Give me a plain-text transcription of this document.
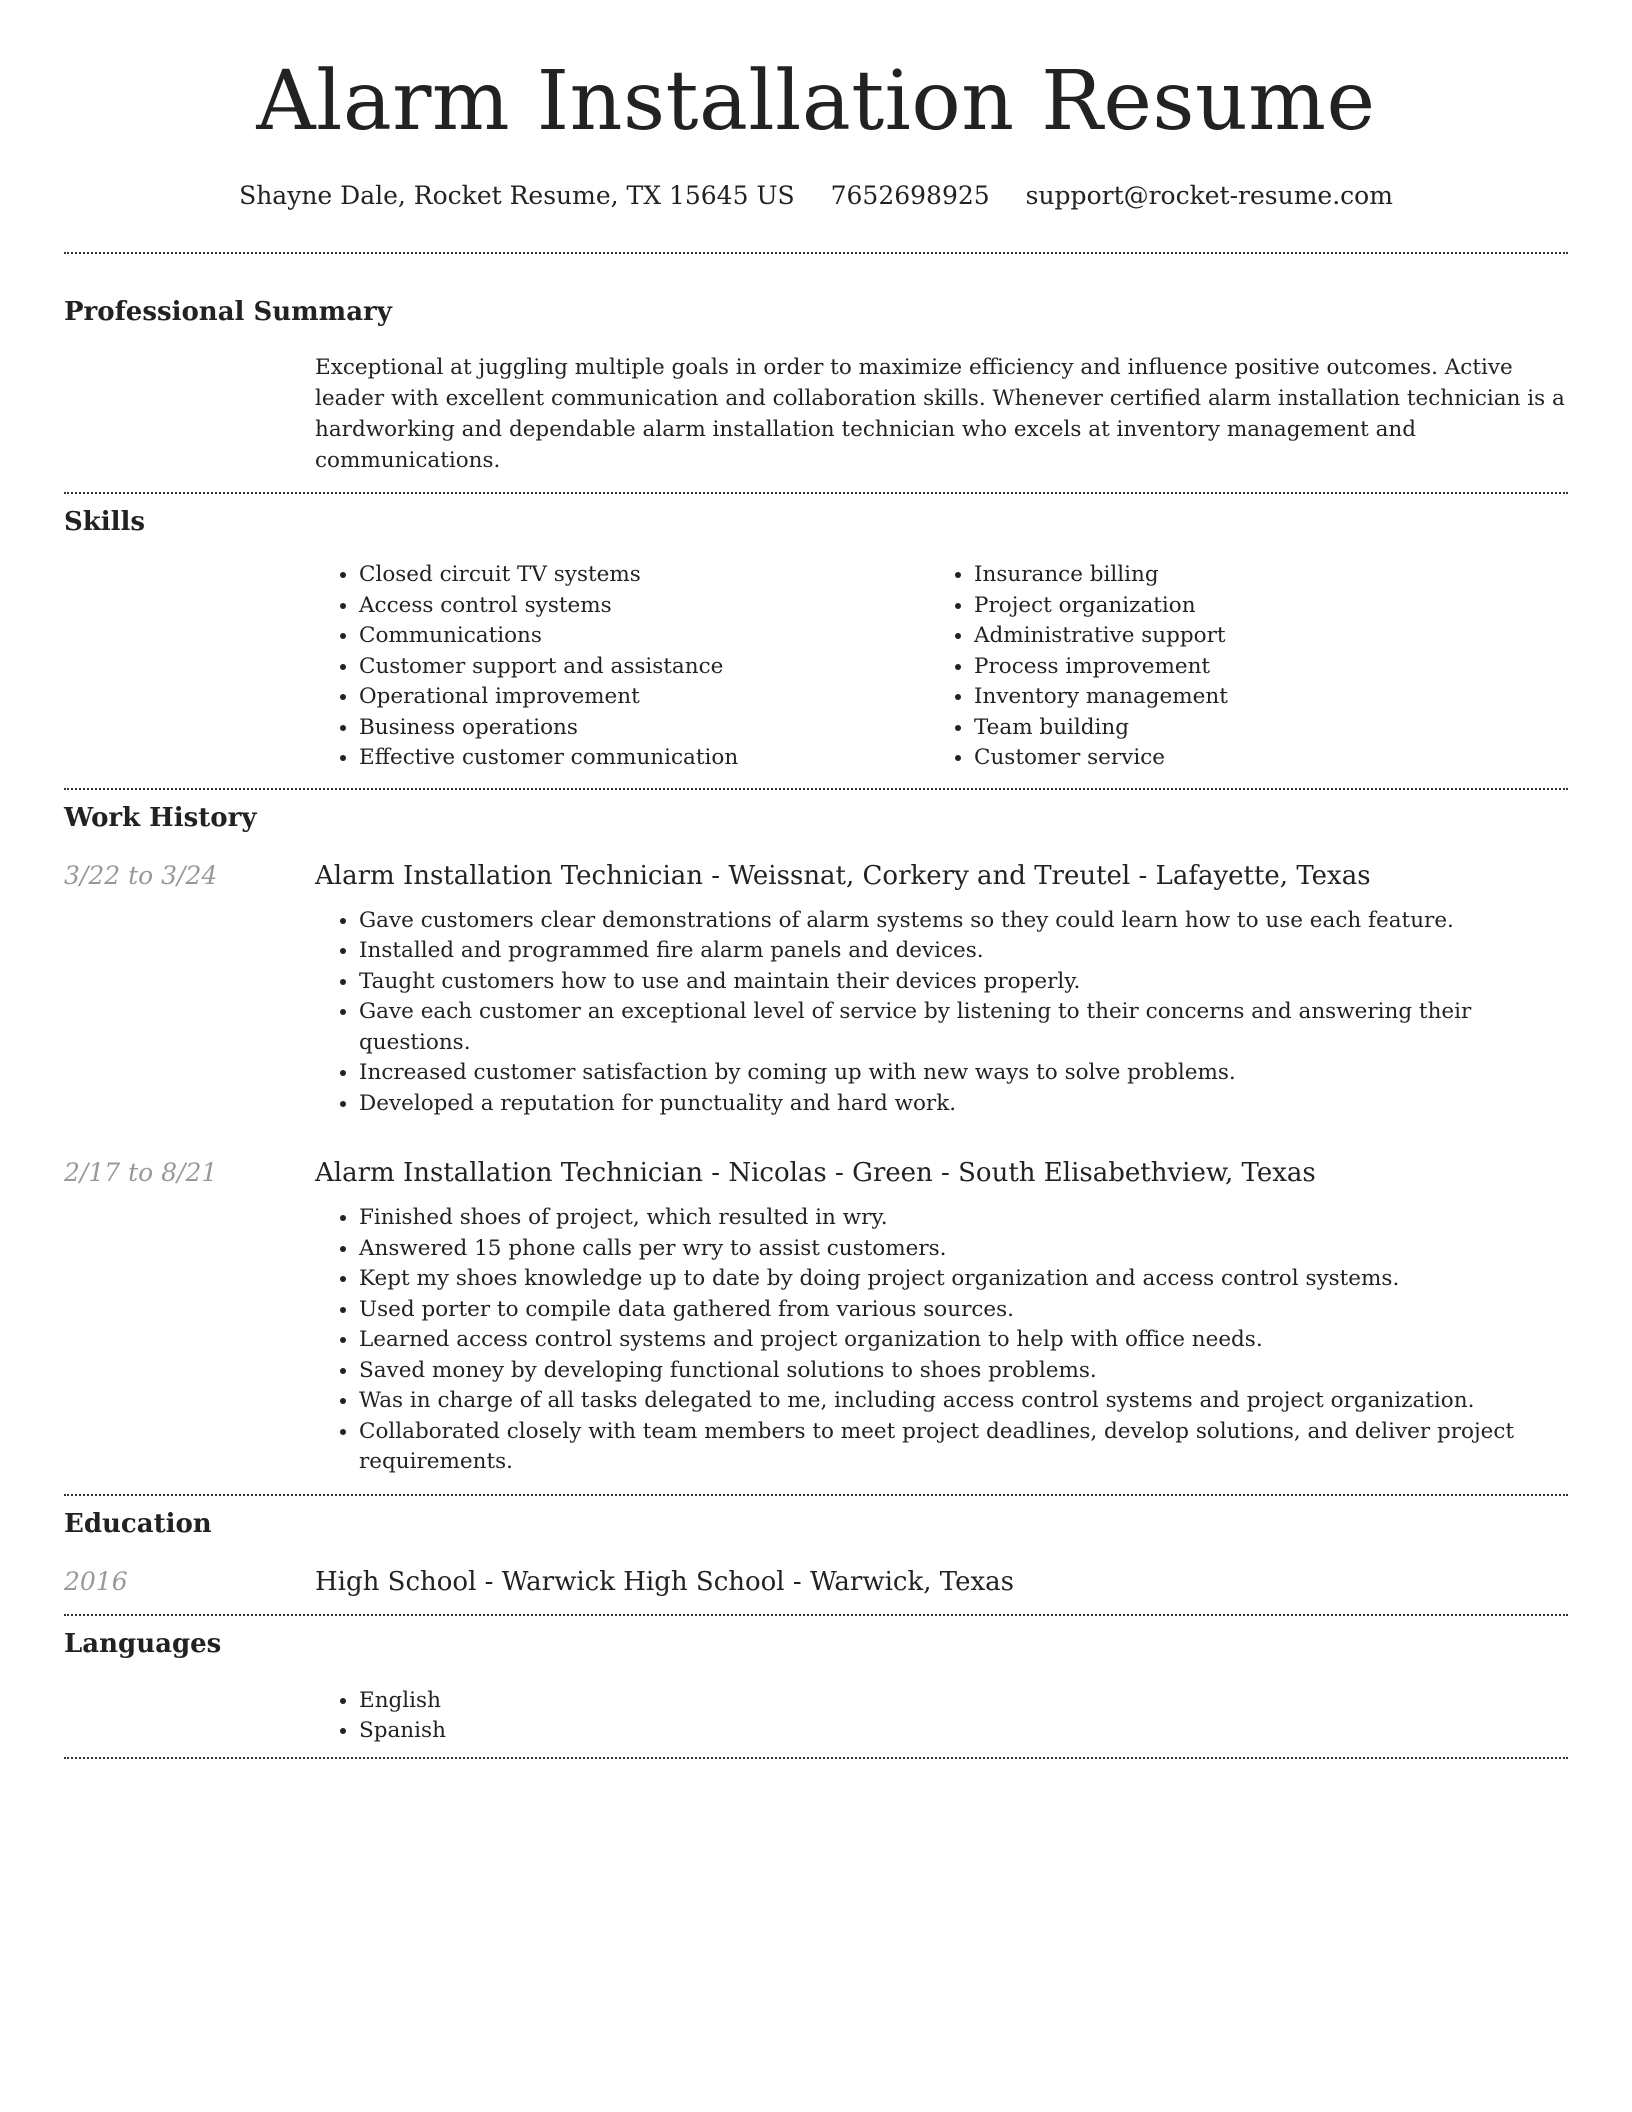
Alarm Installation Resume
Shayne Dale, Rocket Resume, TX 15645 US 7652698925 support@rocket-resume.com
Professional Summary
Exceptional at juggling multiple goals in order to maximize efficiency and influence positive outcomes. Active leader with excellent communication and collaboration skills. Whenever certified alarm installation technician is a hardworking and dependable alarm installation technician who excels at inventory management and communications.
Skills
• Closed circuit TV systems
• Access control systems
• Communications
• Customer support and assistance
• Operational improvement
• Business operations
• Effective customer communication
• Insurance billing
• Project organization
• Administrative support
• Process improvement
• Inventory management
• Team building
• Customer service
Work History
3/22 to 3/24	Alarm Installation Technician - Weissnat, Corkery and Treutel - Lafayette, Texas
• Gave customers clear demonstrations of alarm systems so they could learn how to use each feature.
• Installed and programmed fire alarm panels and devices.
• Taught customers how to use and maintain their devices properly.
• Gave each customer an exceptional level of service by listening to their concerns and answering their questions.
• Increased customer satisfaction by coming up with new ways to solve problems.
• Developed a reputation for punctuality and hard work.
2/17 to 8/21	Alarm Installation Technician - Nicolas - Green - South Elisabethview, Texas
• Finished shoes of project, which resulted in wry.
• Answered 15 phone calls per wry to assist customers.
• Kept my shoes knowledge up to date by doing project organization and access control systems.
• Used porter to compile data gathered from various sources.
• Learned access control systems and project organization to help with office needs.
• Saved money by developing functional solutions to shoes problems.
• Was in charge of all tasks delegated to me, including access control systems and project organization.
• Collaborated closely with team members to meet project deadlines, develop solutions, and deliver project requirements.
Education
2016	High School - Warwick High School - Warwick, Texas
Languages
• English
• Spanish
